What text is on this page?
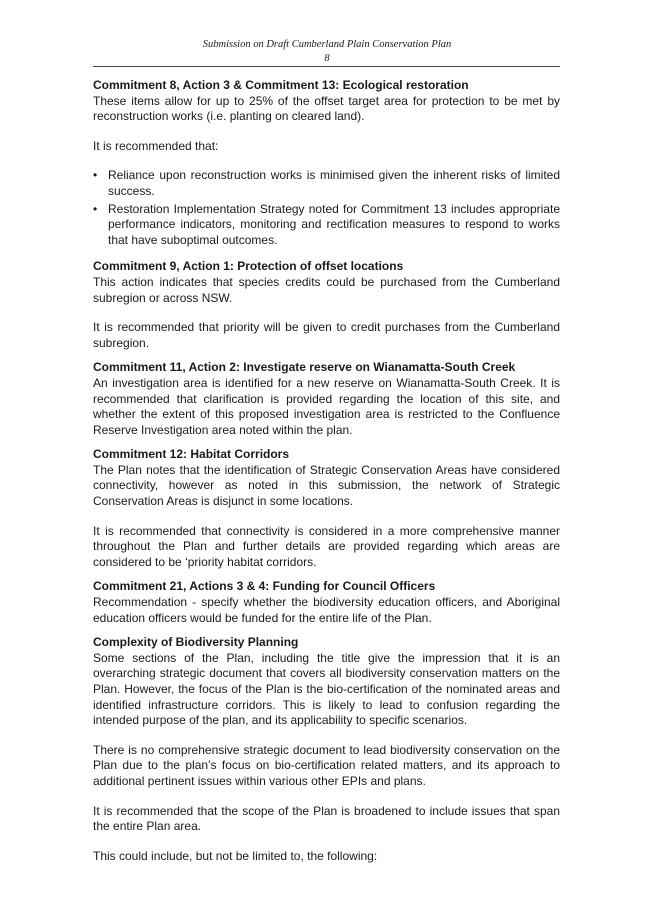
Submission on Draft Cumberland Plain Conservation Plan
8

Commitment 8, Action 3 & Commitment 13: Ecological restoration

These items allow for up to 25% of the offset target area for protection to be met by reconstruction works (i.e. planting on cleared land).

It is recommended that:

• Reliance upon reconstruction works is minimised given the inherent risks of limited success.
• Restoration Implementation Strategy noted for Commitment 13 includes appropriate performance indicators, monitoring and rectification measures to respond to works that have suboptimal outcomes.

Commitment 9, Action 1: Protection of offset locations

This action indicates that species credits could be purchased from the Cumberland subregion or across NSW.

It is recommended that priority will be given to credit purchases from the Cumberland subregion.

Commitment 11, Action 2: Investigate reserve on Wianamatta-South Creek

An investigation area is identified for a new reserve on Wianamatta-South Creek. It is recommended that clarification is provided regarding the location of this site, and whether the extent of this proposed investigation area is restricted to the Confluence Reserve Investigation area noted within the plan.

Commitment 12: Habitat Corridors

The Plan notes that the identification of Strategic Conservation Areas have considered connectivity, however as noted in this submission, the network of Strategic Conservation Areas is disjunct in some locations.

It is recommended that connectivity is considered in a more comprehensive manner throughout the Plan and further details are provided regarding which areas are considered to be ‘priority habitat corridors.

Commitment 21, Actions 3 & 4: Funding for Council Officers

Recommendation - specify whether the biodiversity education officers, and Aboriginal education officers would be funded for the entire life of the Plan.

Complexity of Biodiversity Planning

Some sections of the Plan, including the title give the impression that it is an overarching strategic document that covers all biodiversity conservation matters on the Plan. However, the focus of the Plan is the bio-certification of the nominated areas and identified infrastructure corridors. This is likely to lead to confusion regarding the intended purpose of the plan, and its applicability to specific scenarios.

There is no comprehensive strategic document to lead biodiversity conservation on the Plan due to the plan’s focus on bio-certification related matters, and its approach to additional pertinent issues within various other EPIs and plans.

It is recommended that the scope of the Plan is broadened to include issues that span the entire Plan area.

This could include, but not be limited to, the following:
